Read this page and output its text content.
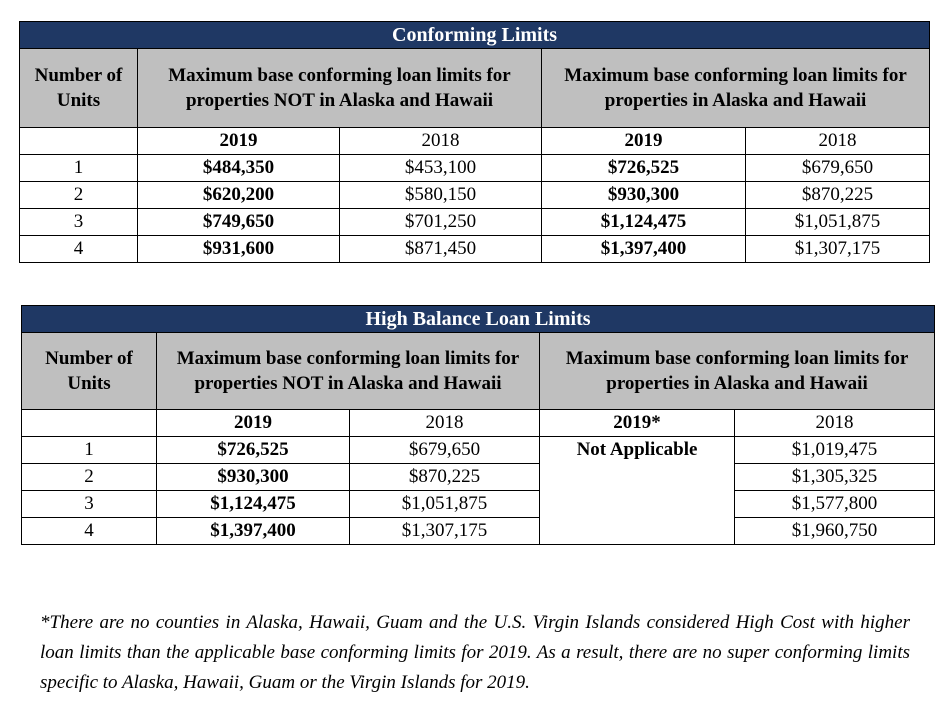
Conforming Limits				
Number of Units	Maximum base conforming loan limits for properties NOT in Alaska and Hawaii		Maximum base conforming loan limits for properties in Alaska and Hawaii	
	2019	2018	2019	2018
1	$484,350	$453,100	$726,525	$679,650
2	$620,200	$580,150	$930,300	$870,225
3	$749,650	$701,250	$1,124,475	$1,051,875
4	$931,600	$871,450	$1,397,400	$1,307,175
High Balance Loan Limits				
Number of Units	Maximum base conforming loan limits for properties NOT in Alaska and Hawaii		Maximum base conforming loan limits for properties in Alaska and Hawaii	
	2019	2018	2019*	2018
1	$726,525	$679,650	Not Applicable	$1,019,475
2	$930,300	$870,225		$1,305,325
3	$1,124,475	$1,051,875		$1,577,800
4	$1,397,400	$1,307,175		$1,960,750

*There are no counties in Alaska, Hawaii, Guam and the U.S. Virgin Islands considered High Cost with higher loan limits than the applicable base conforming limits for 2019. As a result, there are no super conforming limits specific to Alaska, Hawaii, Guam or the Virgin Islands for 2019.
